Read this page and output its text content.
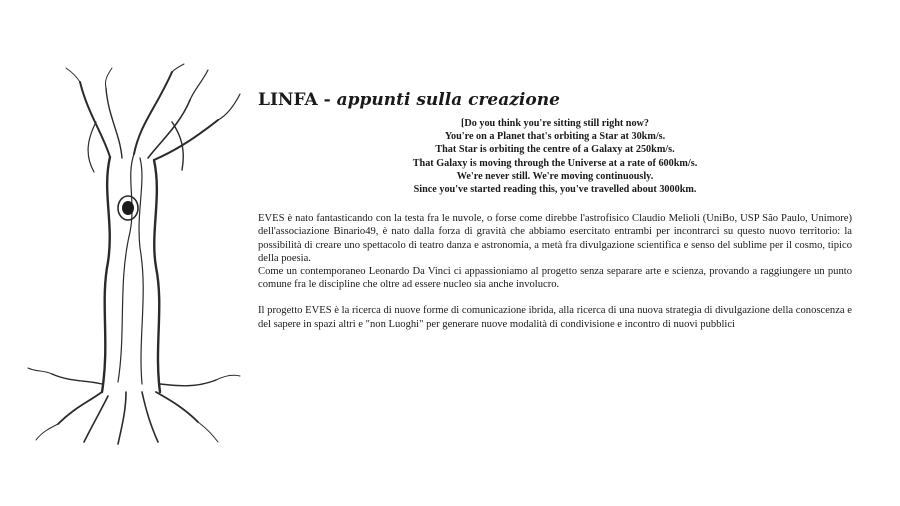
LINFA - appunti sulla creazione
[Do you think you're sitting still right now?
You're on a Planet that's orbiting a Star at 30km/s.
That Star is orbiting the centre of a Galaxy at 250km/s.
That Galaxy is moving through the Universe at a rate of 600km/s.
We're never still. We're moving continuously.
Since you've started reading this, you've travelled about 3000km.

EVES è nato fantasticando con la testa fra le nuvole, o forse come direbbe l'astrofisico Claudio Melioli (UniBo, USP São Paulo, Unimore) dell'associazione Binario49, è nato dalla forza di gravità che abbiamo esercitato entrambi per incontrarci su questo nuovo territorio: la possibilità di creare uno spettacolo di teatro danza e astronomia, a metà fra divulgazione scientifica e senso del sublime per il cosmo, tipico della poesia.

Come un contemporaneo Leonardo Da Vinci ci appassioniamo al progetto senza separare arte e scienza, provando a raggiungere un punto comune fra le discipline che oltre ad essere nucleo sia anche involucro.

Il progetto EVES è la ricerca di nuove forme di comunicazione ibrida, alla ricerca di una nuova strategia di divulgazione della conoscenza e del sapere in spazi altri e "non Luoghi" per generare nuove modalità di condivisione e incontro di nuovi pubblici
